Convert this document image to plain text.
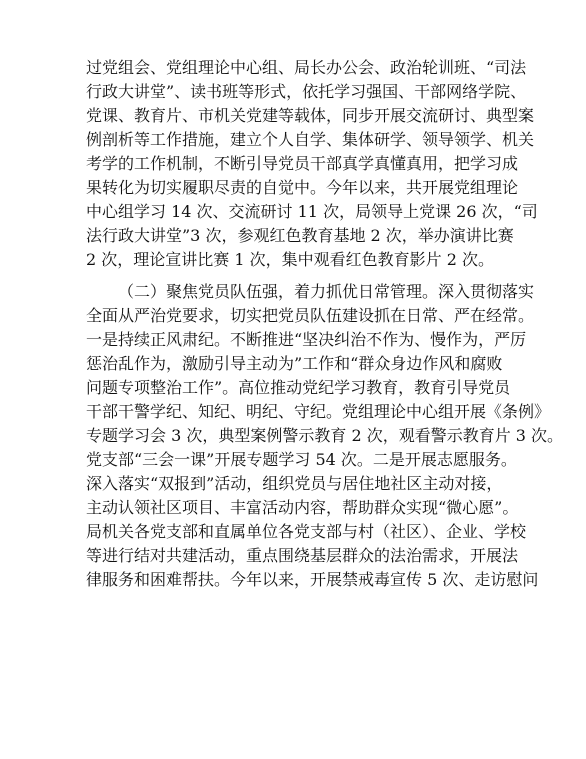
过党组会、党组理论中心组、局长办公会、政治轮训班、“司法
行政大讲堂”、读书班等形式，依托学习强国、干部网络学院、
党课、教育片、市机关党建等载体，同步开展交流研讨、典型案
例剖析等工作措施，建立个人自学、集体研学、领导领学、机关
考学的工作机制，不断引导党员干部真学真懂真用，把学习成
果转化为切实履职尽责的自觉中。今年以来，共开展党组理论
中心组学习 14 次、交流研讨 11 次，局领导上党课 26 次，“司
法行政大讲堂”3 次，参观红色教育基地 2 次，举办演讲比赛
2 次，理论宣讲比赛 1 次，集中观看红色教育影片 2 次。
（二）聚焦党员队伍强，着力抓优日常管理。深入贯彻落实
全面从严治党要求，切实把党员队伍建设抓在日常、严在经常。
一是持续正风肃纪。不断推进“坚决纠治不作为、慢作为，严厉
惩治乱作为，激励引导主动为”工作和“群众身边作风和腐败
问题专项整治工作”。高位推动党纪学习教育，教育引导党员
干部干警学纪、知纪、明纪、守纪。党组理论中心组开展《条例》
专题学习会 3 次，典型案例警示教育 2 次，观看警示教育片 3 次。
党支部“三会一课”开展专题学习 54 次。二是开展志愿服务。
深入落实“双报到”活动，组织党员与居住地社区主动对接，
主动认领社区项目、丰富活动内容，帮助群众实现“微心愿”。
局机关各党支部和直属单位各党支部与村（社区）、企业、学校
等进行结对共建活动，重点围绕基层群众的法治需求，开展法
律服务和困难帮扶。今年以来，开展禁戒毒宣传 5 次、走访慰问
